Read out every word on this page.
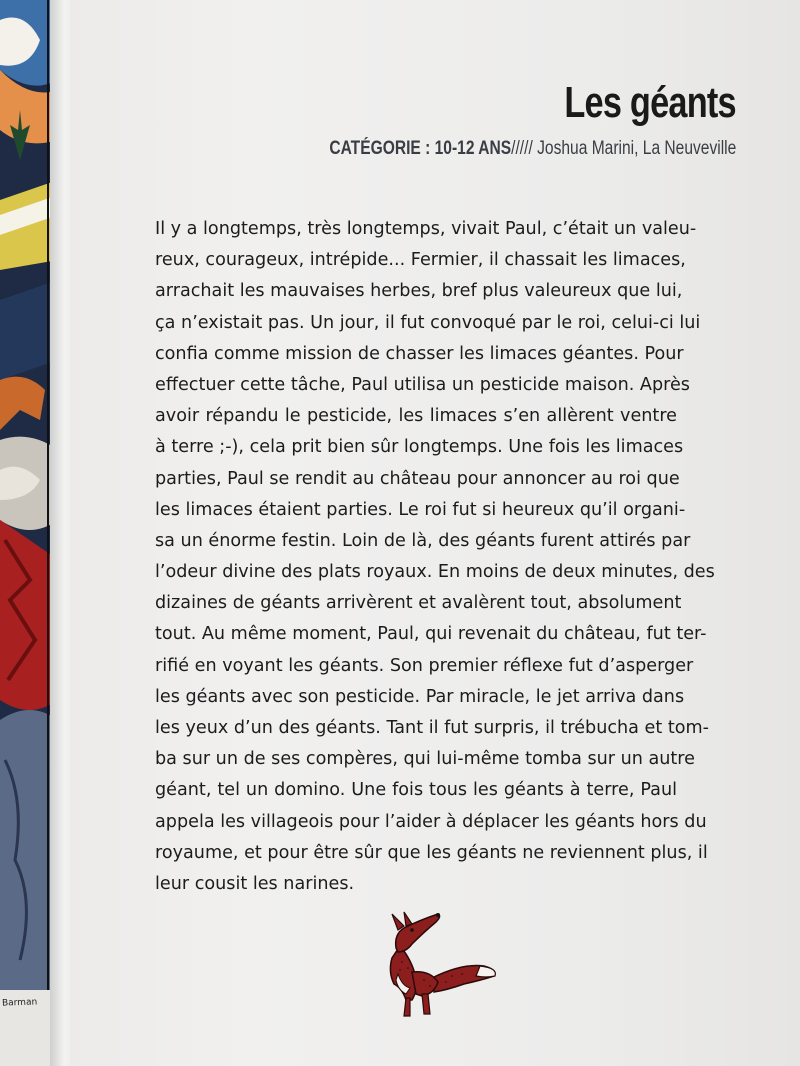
Barman
Les géants
CATÉGORIE : 10-12 ANS///// Joshua Marini, La Neuveville
Il y a longtemps, très longtemps, vivait Paul, c’était un valeu-
reux, courageux, intrépide... Fermier, il chassait les limaces,
arrachait les mauvaises herbes, bref plus valeureux que lui,
ça n’existait pas. Un jour, il fut convoqué par le roi, celui-ci lui
confia comme mission de chasser les limaces géantes. Pour
effectuer cette tâche, Paul utilisa un pesticide maison. Après
avoir répandu le pesticide, les limaces s’en allèrent ventre
à terre ;-), cela prit bien sûr longtemps. Une fois les limaces
parties, Paul se rendit au château pour annoncer au roi que
les limaces étaient parties. Le roi fut si heureux qu’il organi-
sa un énorme festin. Loin de là, des géants furent attirés par
l’odeur divine des plats royaux. En moins de deux minutes, des
dizaines de géants arrivèrent et avalèrent tout, absolument
tout. Au même moment, Paul, qui revenait du château, fut ter-
rifié en voyant les géants. Son premier réflexe fut d’asperger
les géants avec son pesticide. Par miracle, le jet arriva dans
les yeux d’un des géants. Tant il fut surpris, il trébucha et tom-
ba sur un de ses compères, qui lui-même tomba sur un autre
géant, tel un domino. Une fois tous les géants à terre, Paul
appela les villageois pour l’aider à déplacer les géants hors du
royaume, et pour être sûr que les géants ne reviennent plus, il
leur cousit les narines.
